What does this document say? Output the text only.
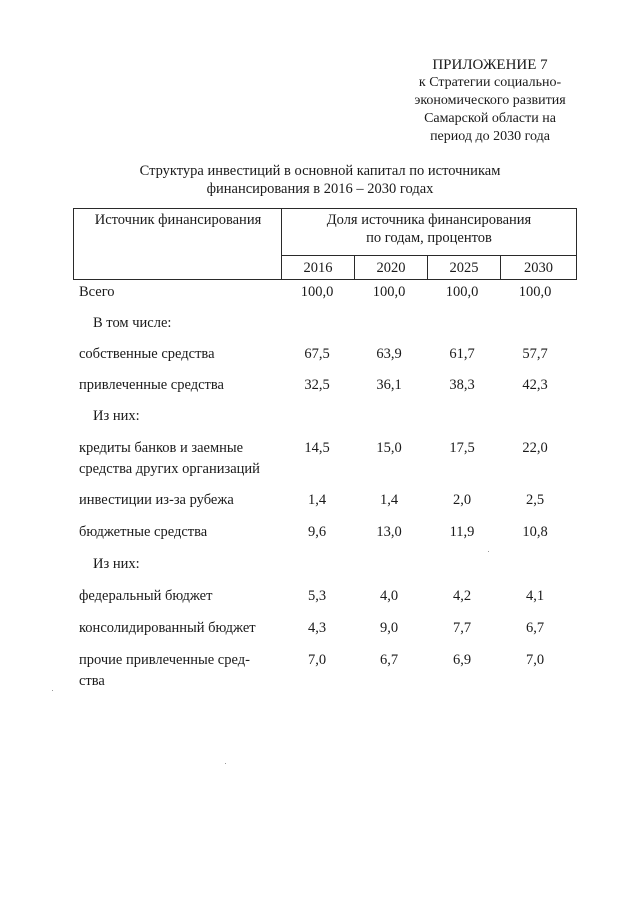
ПРИЛОЖЕНИЕ 7
к Стратегии социально-
экономического развития
Самарской области на
период до 2030 года
Структура инвестиций в основной капитал по источникам
финансирования в 2016 – 2030 годах
Источник финансирования	Доля источника финансирования
по годам, процентов
2016	2020	2025	2030
Всего	100,0	100,0	100,0	100,0
В том числе:
собственные средства	67,5	63,9	61,7	57,7
привлеченные средства	32,5	36,1	38,3	42,3
Из них:
кредиты банков и заемные
средства других организаций
14,5	15,0	17,5	22,0
инвестиции из-за рубежа	1,4	1,4	2,0	2,5
бюджетные средства	9,6	13,0	11,9	10,8
Из них:
федеральный бюджет	5,3	4,0	4,2	4,1
консолидированный бюджет	4,3	9,0	7,7	6,7
прочие привлеченные сред-
ства
7,0	6,7	6,9	7,0
